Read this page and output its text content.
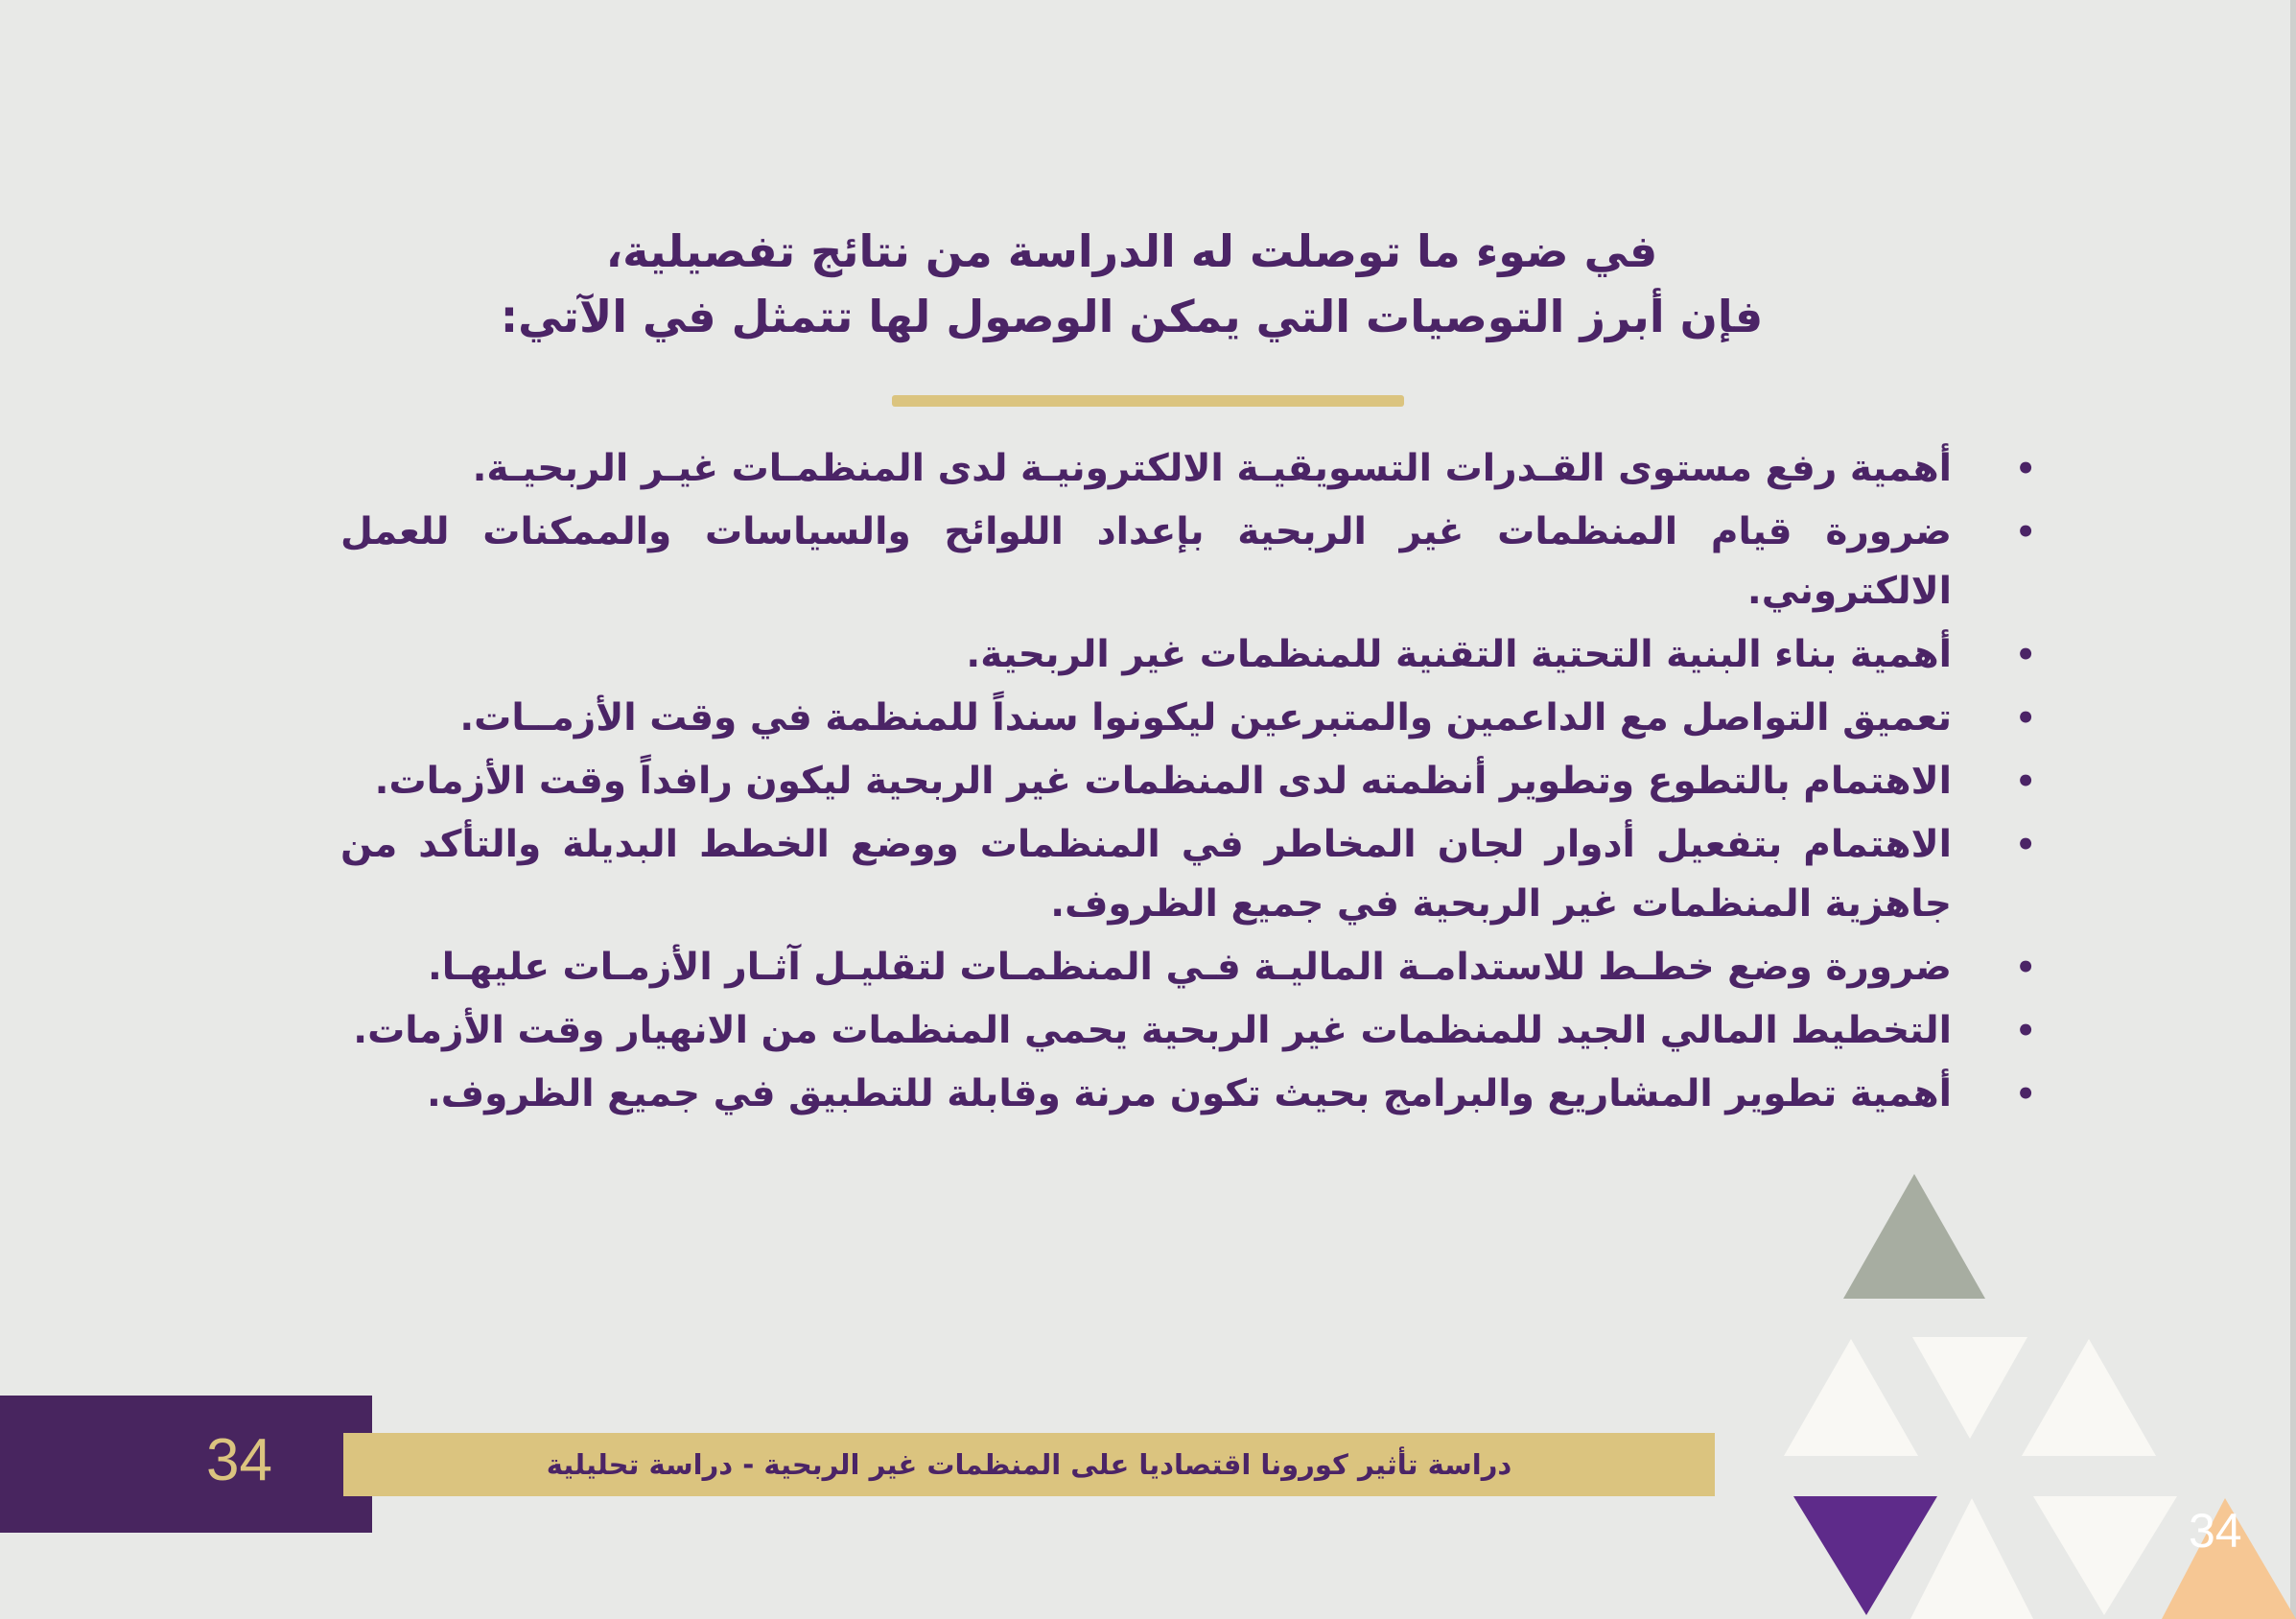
في ضوء ما توصلت له الدراسة من نتائج تفصيلية،
فإن أبرز التوصيات التي يمكن الوصول لها تتمثل في الآتي:
•
أهمية رفع مستوى القـدرات التسويقيـة الالكترونيـة لدى المنظمـات غيـر الربحيـة.
•
ضرورة قيام المنظمات غير الربحية بإعداد اللوائح والسياسات والممكنات للعمل الالكتروني.
•
أهمية بناء البنية التحتية التقنية للمنظمات غير الربحية.
•
تعميق التواصل مع الداعمين والمتبرعين ليكونوا سنداً للمنظمة في وقت الأزمــات.
•
الاهتمام بالتطوع وتطوير أنظمته لدى المنظمات غير الربحية ليكون رافداً وقت الأزمات.
•
الاهتمام بتفعيل أدوار لجان المخاطر في المنظمات ووضع الخطط البديلة والتأكد من جاهزية المنظمات غير الربحية في جميع الظروف.
•
ضرورة وضع خطـط للاستدامـة الماليـة فـي المنظمـات لتقليـل آثـار الأزمـات عليهـا.
•
التخطيط المالي الجيد للمنظمات غير الربحية يحمي المنظمات من الانهيار وقت الأزمات.
•
أهمية تطوير المشاريع والبرامج بحيث تكون مرنة وقابلة للتطبيق في جميع الظروف.
34
34	دراسة تأثير كورونا اقتصاديا على المنظمات غير الربحية - دراسة تحليلية
